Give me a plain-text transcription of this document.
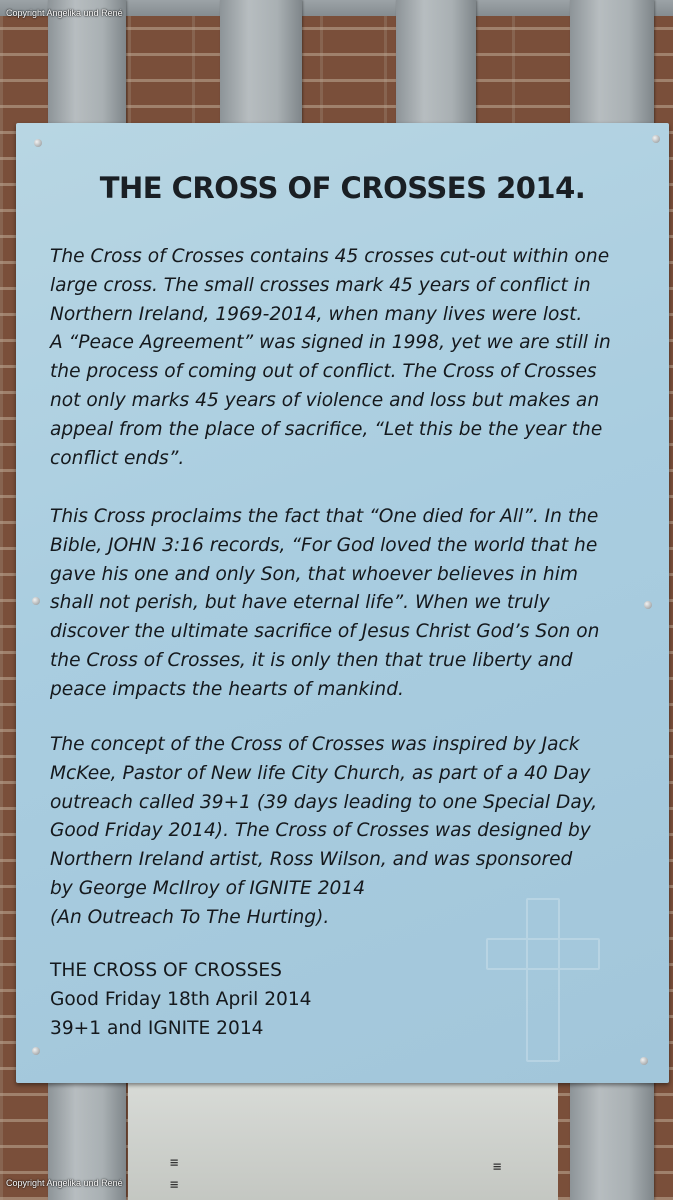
≡
≡
≡
THE CROSS OF CROSSES 2014.
The Cross of Crosses contains 45 crosses cut-out within one
large cross. The small crosses mark 45 years of conflict in
Northern Ireland, 1969-2014, when many lives were lost.
A “Peace Agreement” was signed in 1998, yet we are still in
the process of coming out of conflict. The Cross of Crosses
not only marks 45 years of violence and loss but makes an
appeal from the place of sacrifice, “Let this be the year the
conflict ends”.
This Cross proclaims the fact that “One died for All”. In the
Bible, JOHN 3:16 records, “For God loved the world that he
gave his one and only Son, that whoever believes in him
shall not perish, but have eternal life”. When we truly
discover the ultimate sacrifice of Jesus Christ God’s Son on
the Cross of Crosses, it is only then that true liberty and
peace impacts the hearts of mankind.
The concept of the Cross of Crosses was inspired by Jack
McKee, Pastor of New life City Church, as part of a 40 Day
outreach called 39+1 (39 days leading to one Special Day,
Good Friday 2014). The Cross of Crosses was designed by
Northern Ireland artist, Ross Wilson, and was sponsored
by George McIlroy of IGNITE 2014
(An Outreach To The Hurting).
THE CROSS OF CROSSES
Good Friday 18th April 2014
39+1 and IGNITE 2014
Copyright Angelika und René
Copyright Angelika und René
